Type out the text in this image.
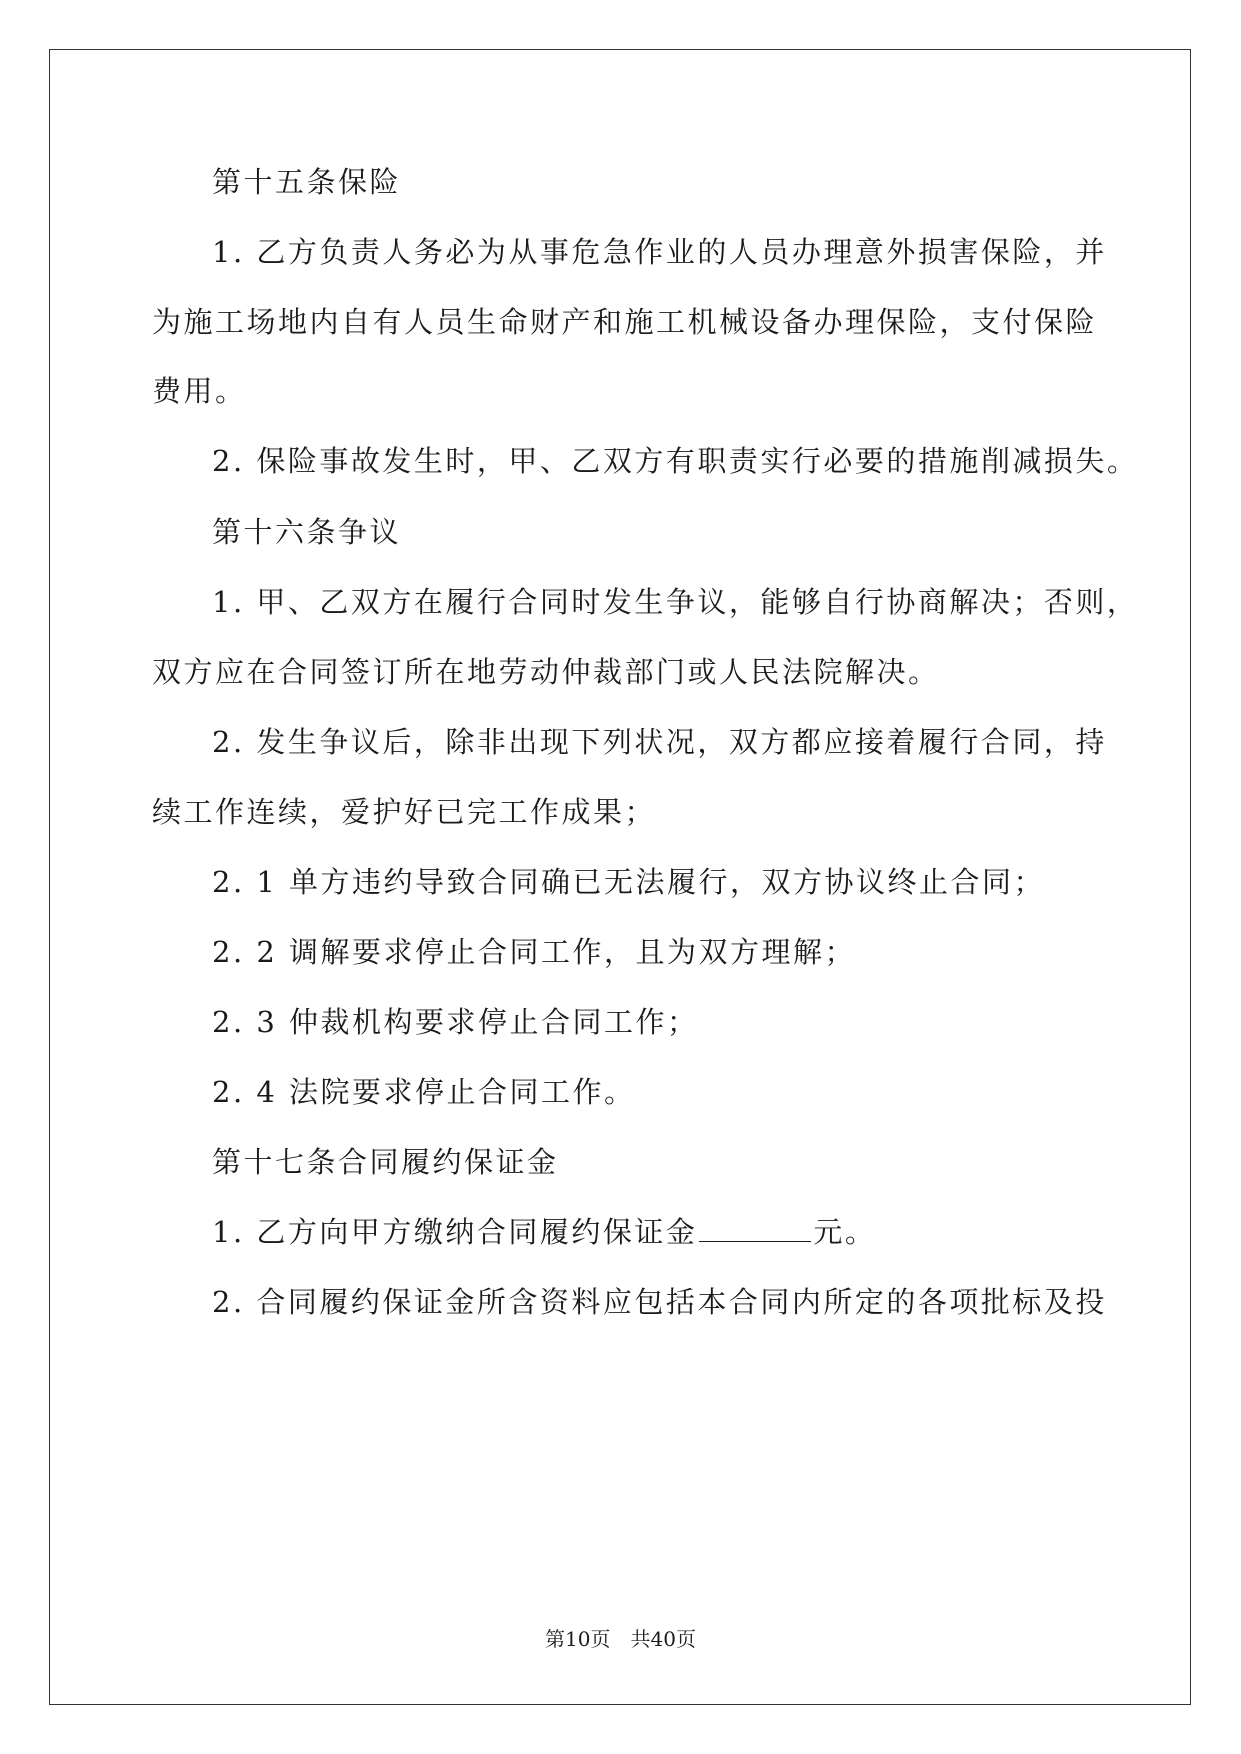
第十五条保险
1. 乙方负责人务必为从事危急作业的人员办理意外损害保险，并
为施工场地内自有人员生命财产和施工机械设备办理保险，支付保险
费用。
2. 保险事故发生时，甲、乙双方有职责实行必要的措施削减损失。
第十六条争议
1. 甲、乙双方在履行合同时发生争议，能够自行协商解决；否则，
双方应在合同签订所在地劳动仲裁部门或人民法院解决。
2. 发生争议后，除非出现下列状况，双方都应接着履行合同，持
续工作连续，爱护好已完工作成果；
2. 1 单方违约导致合同确已无法履行，双方协议终止合同；
2. 2 调解要求停止合同工作，且为双方理解；
2. 3 仲裁机构要求停止合同工作；
2. 4 法院要求停止合同工作。
第十七条合同履约保证金
1. 乙方向甲方缴纳合同履约保证金	元。
2. 合同履约保证金所含资料应包括本合同内所定的各项批标及投
第10页　共40页
